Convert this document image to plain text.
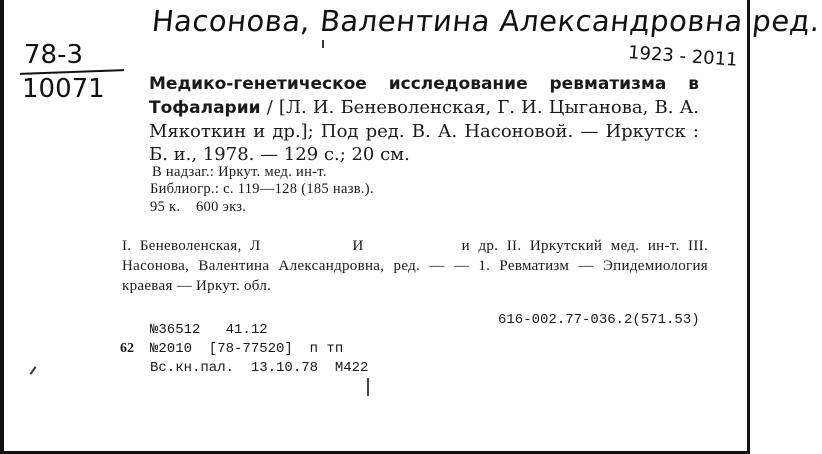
Насонова, Валентина Александровна ред.
1923 - 2011
78-3
10071	Медико-генетическое исследование ревматизма в Тофаларии / [Л. И. Беневоленская, Г. И. Цыганова, В. А. Мякоткин и др.]; Под ред. В. А. Насоновой. — Иркутск : Б. и., 1978. — 129 с.; 20 см.
В надзаг.: Иркут. мед. ин-т.
Библиогр.: с. 119—128 (185 назв.).
95 к.    600 экз.
I. Беневоленская, Л	И	и др. II. Иркутский мед. ин-т. III. Насонова, Валентина Александровна, ред. — — 1. Ревматизм — Эпидемиология краевая — Иркут. обл.
616-002.77-036.2(571.53)
№36512   41.12
62 №2010  [78-77520]  п тп
Вс.кн.пал.  13.10.78  М422
